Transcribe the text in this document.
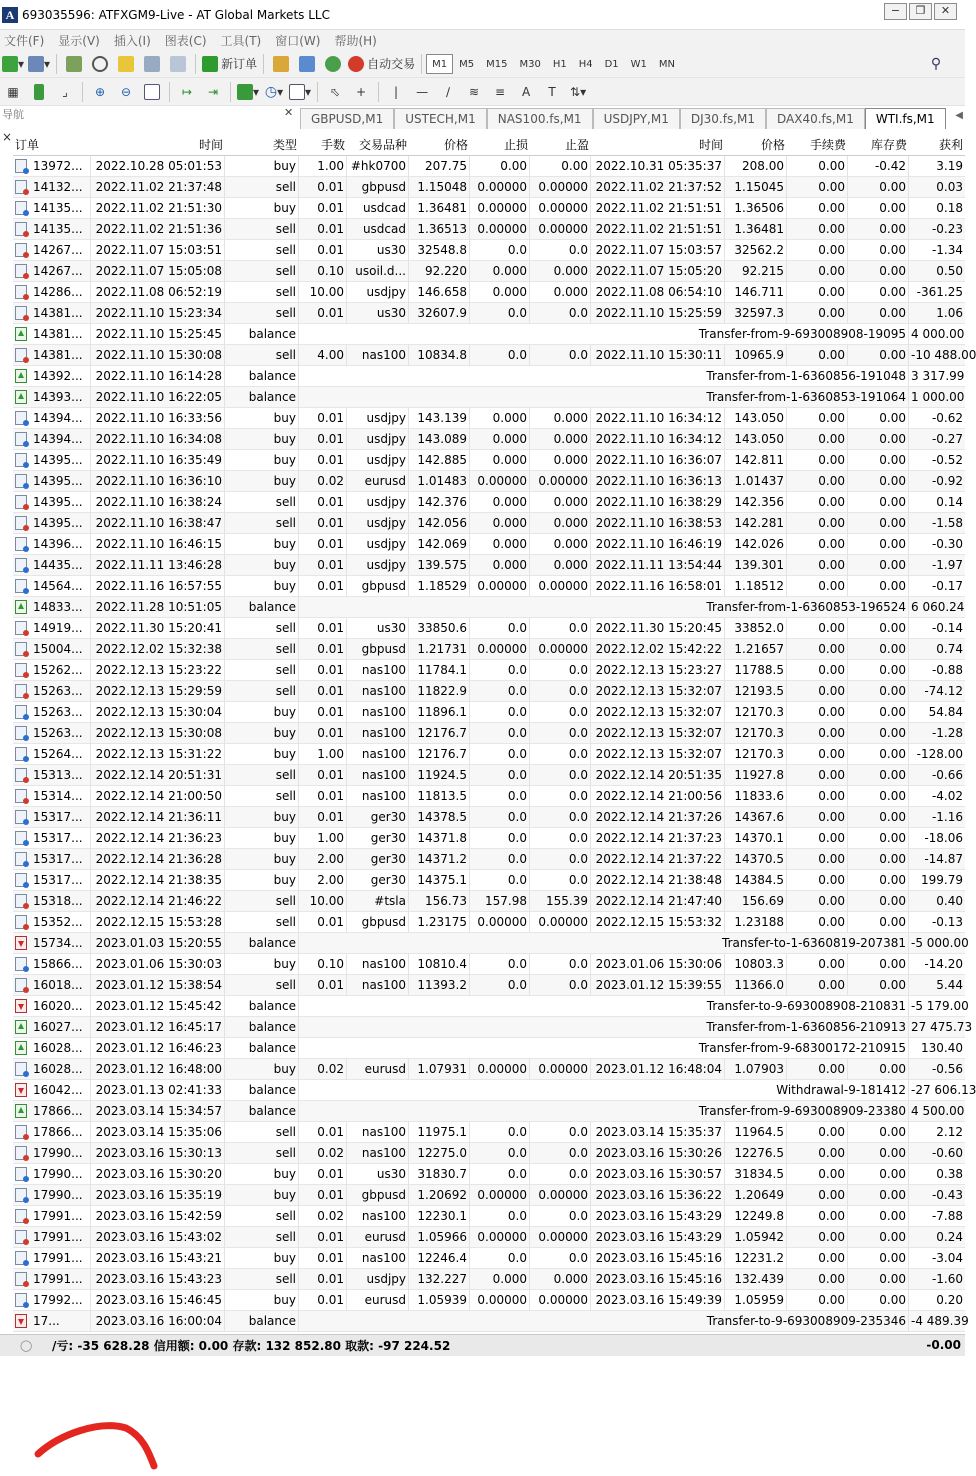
A 693035596: ATFXGM9-Live - AT Global Markets LLC	−	❐	✕
文件(F)	显示(V)	插入(I)	图表(C)	工具(T)	窗口(W)	帮助(H)
▾	▾	新订单	自动交易	M1	M5	M15	M30	H1	H4	D1	W1	MN	⚲
▦	⌟ ⊕ ⊖	↦ ⇥	▾ ◷ ▾	▾ ⬁ + | — ∕ ≋ ≡ A T ⇅ ▾
导航	✕	GBPUSD,M1	USTECH,M1	NAS100.fs,M1	USDJPY,M1	DJ30.fs,M1	DAX40.fs,M1	WTI.fs,M1	◀
×
订单	时间	类型	手数	交易品种	价格	止损	止盈	时间	价格	手续费	库存费	获利
13972...	2022.10.28 05:01:53	buy	1.00 #hk0700	207.75	0.00	0.00 2022.10.31 05:35:37	208.00	0.00	-0.42	3.19
14132...	2022.11.02 21:37:48	sell	0.01	gbpusd 1.15048 0.00000 0.00000 2022.11.02 21:37:52	1.15045	0.00	0.00	0.03
14135...	2022.11.02 21:51:30	buy	0.01	usdcad 1.36481 0.00000 0.00000 2022.11.02 21:51:51	1.36506	0.00	0.00	0.18
14135...	2022.11.02 21:51:36	sell	0.01	usdcad 1.36513 0.00000 0.00000 2022.11.02 21:51:51	1.36481	0.00	0.00	-0.23
14267...	2022.11.07 15:03:51	sell	0.01	us30 32548.8	0.0	0.0 2022.11.07 15:03:57	32562.2	0.00	0.00	-1.34
14267...	2022.11.07 15:05:08	sell	0.10 usoil.d...	92.220	0.000	0.000 2022.11.07 15:05:20	92.215	0.00	0.00	0.50
14286...	2022.11.08 06:52:19	sell	10.00	usdjpy 146.658	0.000	0.000 2022.11.08 06:54:10	146.711	0.00	0.00 -361.25
14381...	2022.11.10 15:23:34	sell	0.01	us30 32607.9	0.0	0.0 2022.11.10 15:25:59	32597.3	0.00	0.00	1.06
14381...	2022.11.10 15:25:45	balance	Transfer-from-9-693008908-19095 4 000.00
14381...	2022.11.10 15:30:08	sell	4.00	nas100 10834.8	0.0	0.0 2022.11.10 15:30:11	10965.9	0.00	0.00 -10 488.00
14392...	2022.11.10 16:14:28	balance	Transfer-from-1-6360856-191048 3 317.99
14393...	2022.11.10 16:22:05	balance	Transfer-from-1-6360853-191064 1 000.00
14394...	2022.11.10 16:33:56	buy	0.01	usdjpy 143.139	0.000	0.000 2022.11.10 16:34:12	143.050	0.00	0.00	-0.62
14394...	2022.11.10 16:34:08	buy	0.01	usdjpy 143.089	0.000	0.000 2022.11.10 16:34:12	143.050	0.00	0.00	-0.27
14395...	2022.11.10 16:35:49	buy	0.01	usdjpy 142.885	0.000	0.000 2022.11.10 16:36:07	142.811	0.00	0.00	-0.52
14395...	2022.11.10 16:36:10	buy	0.02	eurusd 1.01483 0.00000 0.00000 2022.11.10 16:36:13	1.01437	0.00	0.00	-0.92
14395...	2022.11.10 16:38:24	sell	0.01	usdjpy 142.376	0.000	0.000 2022.11.10 16:38:29	142.356	0.00	0.00	0.14
14395...	2022.11.10 16:38:47	sell	0.01	usdjpy 142.056	0.000	0.000 2022.11.10 16:38:53	142.281	0.00	0.00	-1.58
14396...	2022.11.10 16:46:15	buy	0.01	usdjpy 142.069	0.000	0.000 2022.11.10 16:46:19	142.026	0.00	0.00	-0.30
14435...	2022.11.11 13:46:28	buy	0.01	usdjpy 139.575	0.000	0.000 2022.11.11 13:54:44	139.301	0.00	0.00	-1.97
14564...	2022.11.16 16:57:55	buy	0.01	gbpusd 1.18529 0.00000 0.00000 2022.11.16 16:58:01	1.18512	0.00	0.00	-0.17
14833...	2022.11.28 10:51:05	balance	Transfer-from-1-6360853-196524 6 060.24
14919...	2022.11.30 15:20:41	sell	0.01	us30 33850.6	0.0	0.0 2022.11.30 15:20:45	33852.0	0.00	0.00	-0.14
15004...	2022.12.02 15:32:38	sell	0.01	gbpusd 1.21731 0.00000 0.00000 2022.12.02 15:42:22	1.21657	0.00	0.00	0.74
15262...	2022.12.13 15:23:22	sell	0.01	nas100 11784.1	0.0	0.0 2022.12.13 15:23:27	11788.5	0.00	0.00	-0.88
15263...	2022.12.13 15:29:59	sell	0.01	nas100 11822.9	0.0	0.0 2022.12.13 15:32:07	12193.5	0.00	0.00	-74.12
15263...	2022.12.13 15:30:04	buy	0.01	nas100 11896.1	0.0	0.0 2022.12.13 15:32:07	12170.3	0.00	0.00	54.84
15263...	2022.12.13 15:30:08	buy	0.01	nas100 12176.7	0.0	0.0 2022.12.13 15:32:07	12170.3	0.00	0.00	-1.28
15264...	2022.12.13 15:31:22	buy	1.00	nas100 12176.7	0.0	0.0 2022.12.13 15:32:07	12170.3	0.00	0.00 -128.00
15313...	2022.12.14 20:51:31	sell	0.01	nas100 11924.5	0.0	0.0 2022.12.14 20:51:35	11927.8	0.00	0.00	-0.66
15314...	2022.12.14 21:00:50	sell	0.01	nas100 11813.5	0.0	0.0 2022.12.14 21:00:56	11833.6	0.00	0.00	-4.02
15317...	2022.12.14 21:36:11	buy	0.01	ger30 14378.5	0.0	0.0 2022.12.14 21:37:26	14367.6	0.00	0.00	-1.16
15317...	2022.12.14 21:36:23	buy	1.00	ger30 14371.8	0.0	0.0 2022.12.14 21:37:23	14370.1	0.00	0.00	-18.06
15317...	2022.12.14 21:36:28	buy	2.00	ger30 14371.2	0.0	0.0 2022.12.14 21:37:22	14370.5	0.00	0.00	-14.87
15317...	2022.12.14 21:38:35	buy	2.00	ger30 14375.1	0.0	0.0 2022.12.14 21:38:48	14384.5	0.00	0.00	199.79
15318...	2022.12.14 21:46:22	sell	10.00	#tsla	156.73	157.98	155.39 2022.12.14 21:47:40	156.69	0.00	0.00	0.40
15352...	2022.12.15 15:53:28	sell	0.01	gbpusd 1.23175 0.00000 0.00000 2022.12.15 15:53:32	1.23188	0.00	0.00	-0.13
15734...	2023.01.03 15:20:55	balance	Transfer-to-1-6360819-207381 -5 000.00
15866...	2023.01.06 15:30:03	buy	0.10	nas100 10810.4	0.0	0.0 2023.01.06 15:30:06	10803.3	0.00	0.00	-14.20
16018...	2023.01.12 15:38:54	sell	0.01	nas100 11393.2	0.0	0.0 2023.01.12 15:39:55	11366.0	0.00	0.00	5.44
16020...	2023.01.12 15:45:42	balance	Transfer-to-9-693008908-210831 -5 179.00
16027...	2023.01.12 16:45:17	balance	Transfer-from-1-6360856-210913 27 475.73
16028...	2023.01.12 16:46:23	balance	Transfer-from-9-68300172-210915	130.40
16028...	2023.01.12 16:48:00	buy	0.02	eurusd 1.07931 0.00000 0.00000 2023.01.12 16:48:04	1.07903	0.00	0.00	-0.56
16042...	2023.01.13 02:41:33	balance	Withdrawal-9-181412 -27 606.13
17866...	2023.03.14 15:34:57	balance	Transfer-from-9-693008909-23380 4 500.00
17866...	2023.03.14 15:35:06	sell	0.01	nas100 11975.1	0.0	0.0 2023.03.14 15:35:37	11964.5	0.00	0.00	2.12
17990...	2023.03.16 15:30:13	sell	0.02	nas100 12275.0	0.0	0.0 2023.03.16 15:30:26	12276.5	0.00	0.00	-0.60
17990...	2023.03.16 15:30:20	buy	0.01	us30 31830.7	0.0	0.0 2023.03.16 15:30:57	31834.5	0.00	0.00	0.38
17990...	2023.03.16 15:35:19	buy	0.01	gbpusd 1.20692 0.00000 0.00000 2023.03.16 15:36:22	1.20649	0.00	0.00	-0.43
17991...	2023.03.16 15:42:59	sell	0.02	nas100 12230.1	0.0	0.0 2023.03.16 15:43:29	12249.8	0.00	0.00	-7.88
17991...	2023.03.16 15:43:02	sell	0.01	eurusd 1.05966 0.00000 0.00000 2023.03.16 15:43:29	1.05942	0.00	0.00	0.24
17991...	2023.03.16 15:43:21	buy	0.01	nas100 12246.4	0.0	0.0 2023.03.16 15:45:16	12231.2	0.00	0.00	-3.04
17991...	2023.03.16 15:43:23	sell	0.01	usdjpy 132.227	0.000	0.000 2023.03.16 15:45:16	132.439	0.00	0.00	-1.60
17992...	2023.03.16 15:46:45	buy	0.01	eurusd 1.05939 0.00000 0.00000 2023.03.16 15:49:39	1.05959	0.00	0.00	0.20
17...	2023.03.16 16:00:04	balance	Transfer-to-9-693008909-235346 -4 489.39
◯ /亏: -35 628.28 信用额: 0.00 存款: 132 852.80 取款: -97 224.52	-0.00
